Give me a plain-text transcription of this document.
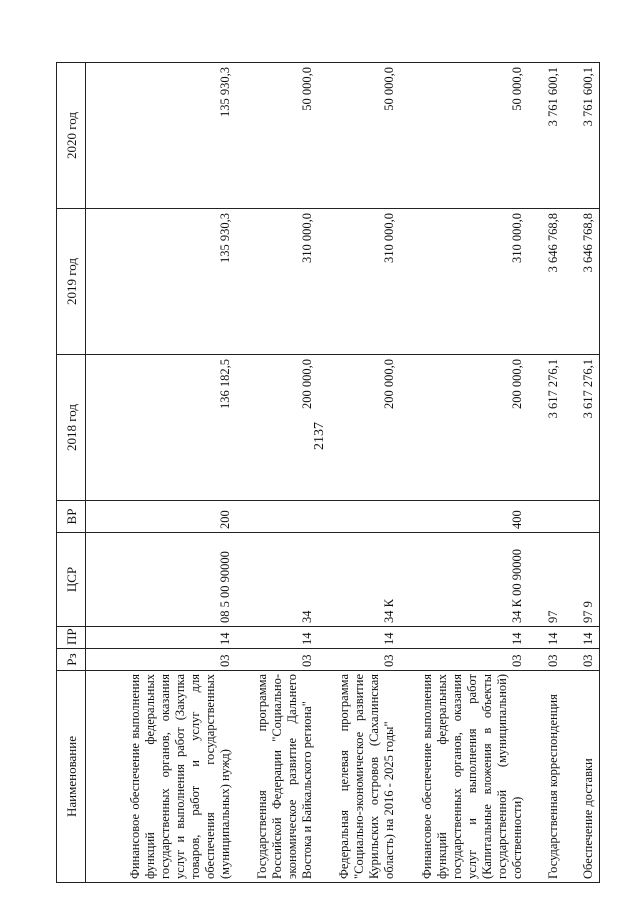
2137
Наименование	Рз	ПР	ЦСР	ВР	2018 год	2019 год	2020 год
Финансовое обеспечение выполнения функций федеральных государственных органов, оказания услуг и выполнения работ (Закупка товаров, работ и услуг для обеспечения государственных (муниципальных) нужд)	03	14	08 5 00 90000	200	136 182,5	135 930,3	135 930,3
Государственная программа Российской Федерации "Социально-экономическое развитие Дальнего Востока и Байкальского региона"	03	14	34		200 000,0	310 000,0	50 000,0
Федеральная целевая программа "Социально-экономическое развитие Курильских островов (Сахалинская область) на 2016 - 2025 годы"	03	14	34 К		200 000,0	310 000,0	50 000,0
Финансовое обеспечение выполнения функций федеральных государственных органов, оказания услуг и выполнения работ (Капитальные вложения в объекты государственной (муниципальной) собственности)	03	14	34 К 00 90000	400	200 000,0	310 000,0	50 000,0
Государственная корреспонденция	03	14	97		3 617 276,1	3 646 768,8	3 761 600,1
Обеспечение доставки	03	14	97 9		3 617 276,1	3 646 768,8	3 761 600,1
